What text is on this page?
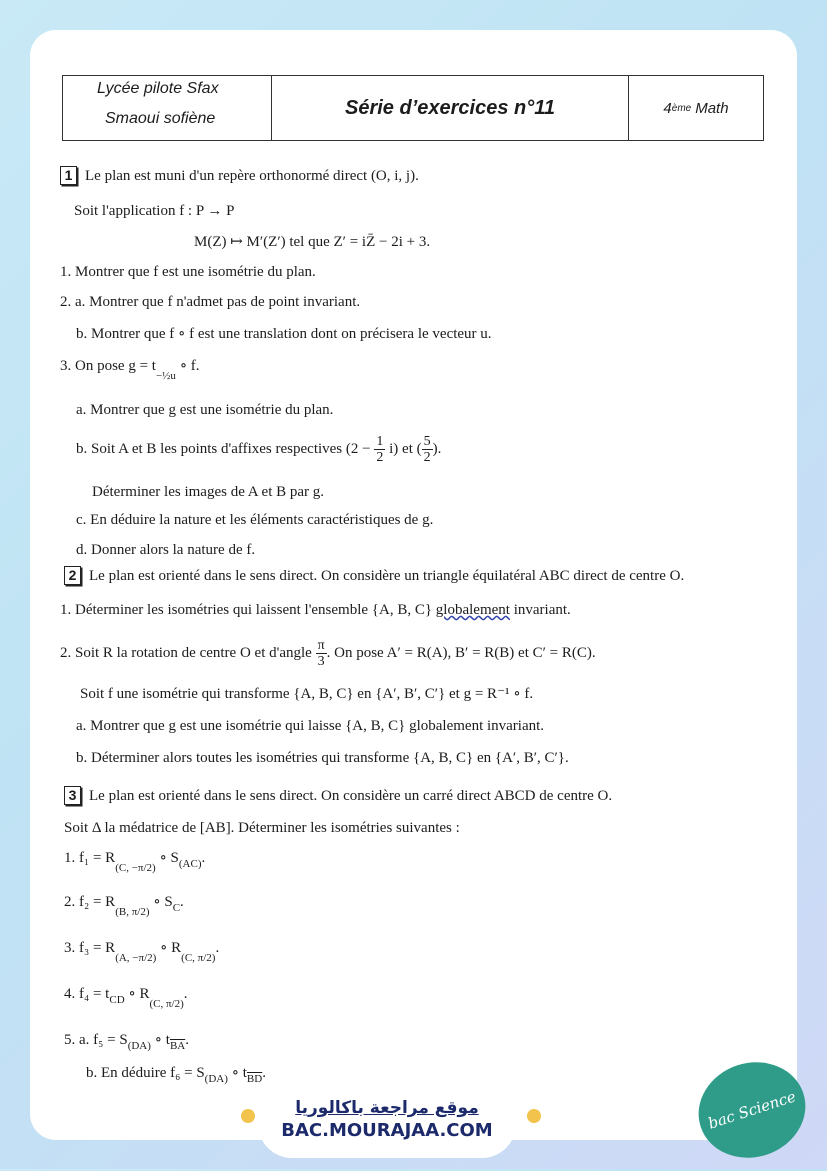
Lycée pilote Sfax
Smaoui sofiène	Série d’exercices n°11	4 ème Math
1 Le plan est muni d'un repère orthonormé direct (O, i, j).
Soit l'application f : P → P
M(Z) ↦ M′(Z′) tel que Z′ = iZ̄ − 2i + 3.
1. Montrer que f est une isométrie du plan.
2. a. Montrer que f n'admet pas de point invariant.
b. Montrer que f ∘ f est une translation dont on précisera le vecteur u.
3. On pose $g = t_{-\frac{1}{2}u}$ ∘ f.
a. Montrer que g est une isométrie du plan.
b. Soit A et B les points d'affixes respectives $(2 - \frac{1}{2} i)$ et ( $\frac{5}{2}$ ).
Déterminer les images de A et B par g.
c. En déduire la nature et les éléments caractéristiques de g.
d. Donner alors la nature de f.
2 Le plan est orienté dans le sens direct. On considère un triangle équilatéral ABC direct de centre O.
1. Déterminer les isométries qui laissent l'ensemble {A, B, C} globalement invariant.
2. Soit R la rotation de centre O et d'angle $\frac{\pi}{3}$ . On pose A′ = R(A), B′ = R(B) et C′ = R(C).
Soit f une isométrie qui transforme {A, B, C} en {A′, B′, C′} et g = R⁻¹ ∘ f.
a. Montrer que g est une isométrie qui laisse {A, B, C} globalement invariant.
b. Déterminer alors toutes les isométries qui transforme {A, B, C} en {A′, B′, C′}.
3 Le plan est orienté dans le sens direct. On considère un carré direct ABCD de centre O.
Soit Δ la médatrice de [AB]. Déterminer les isométries suivantes :
1. $f_1 = R_{(C, -\pi/2)}$ ∘ $S_{(AC)}$.
2. $f_2 = R_{(B, \pi/2)}$ ∘ $S_C$.
3. $f_3 = R_{(A, -\pi/2)}$ ∘ $R_{(C, \pi/2)}$.
4. $f_4 = t_{CD}$ ∘ $R_{(C, \pi/2)}$.
5. a. $f_5 = S_{(DA)}$ ∘ $t_{\overline{BA}}$.
b. En déduire $f_6 = S_{(DA)}$ ∘ $t_{\overline{BD}}$.
موقع مراجعة باكالوريا
BAC.MOURAJAA.COM	bac Science
